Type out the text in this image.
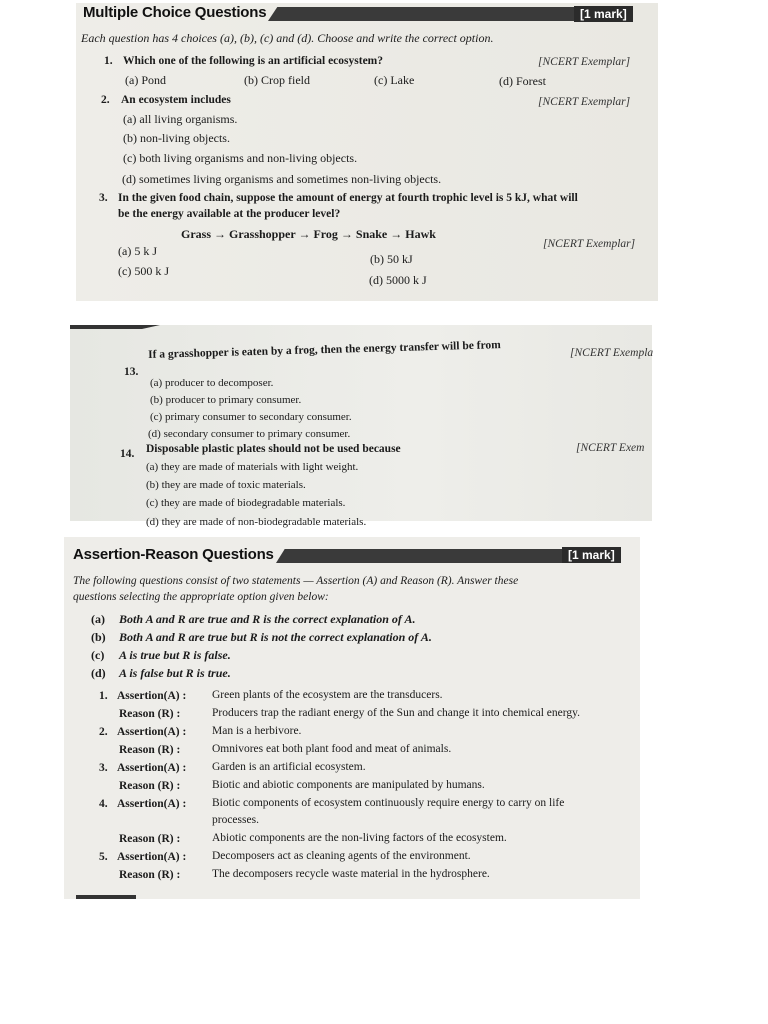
Multiple Choice Questions	[1 mark]
Each question has 4 choices (a), (b), (c) and (d). Choose and write the correct option.
1. Which one of the following is an artificial ecosystem?	[NCERT Exemplar]
(a) Pond	(b) Crop field	(c) Lake	(d) Forest
2. An ecosystem includes	[NCERT Exemplar]
(a) all living organisms.
(b) non-living objects.
(c) both living organisms and non-living objects.
(d) sometimes living organisms and sometimes non-living objects.
3. In the given food chain, suppose the amount of energy at fourth trophic level is 5 kJ, what will
be the energy available at the producer level?
Grass → Grasshopper → Frog → Snake → Hawk
[NCERT Exemplar]
(a) 5 k J
(b) 50 kJ
(c) 500 k J
(d) 5000 k J
13.
If a grasshopper is eaten by a frog, then the energy transfer will be from	[NCERT Exempla
(a) producer to decomposer.
(b) producer to primary consumer.
(c) primary consumer to secondary consumer.
(d) secondary consumer to primary consumer.
14. Disposable plastic plates should not be used because	[NCERT Exem
(a) they are made of materials with light weight.
(b) they are made of toxic materials.
(c) they are made of biodegradable materials.
(d) they are made of non-biodegradable materials.
Assertion-Reason Questions	[1 mark]
The following questions consist of two statements — Assertion (A) and Reason (R). Answer these
questions selecting the appropriate option given below:
(a) Both A and R are true and R is the correct explanation of A.
(b) Both A and R are true but R is not the correct explanation of A.
(c) A is true but R is false.
(d) A is false but R is true.
1. Assertion(A) : Green plants of the ecosystem are the transducers.
Reason (R) :	Producers trap the radiant energy of the Sun and change it into chemical energy.
2. Assertion(A) : Man is a herbivore.
Reason (R) :	Omnivores eat both plant food and meat of animals.
3. Assertion(A) : Garden is an artificial ecosystem.
Reason (R) :	Biotic and abiotic components are manipulated by humans.
4. Assertion(A) : Biotic components of ecosystem continuously require energy to carry on life
processes.
Reason (R) :	Abiotic components are the non-living factors of the ecosystem.
5. Assertion(A) : Decomposers act as cleaning agents of the environment.
Reason (R) :	The decomposers recycle waste material in the hydrosphere.
